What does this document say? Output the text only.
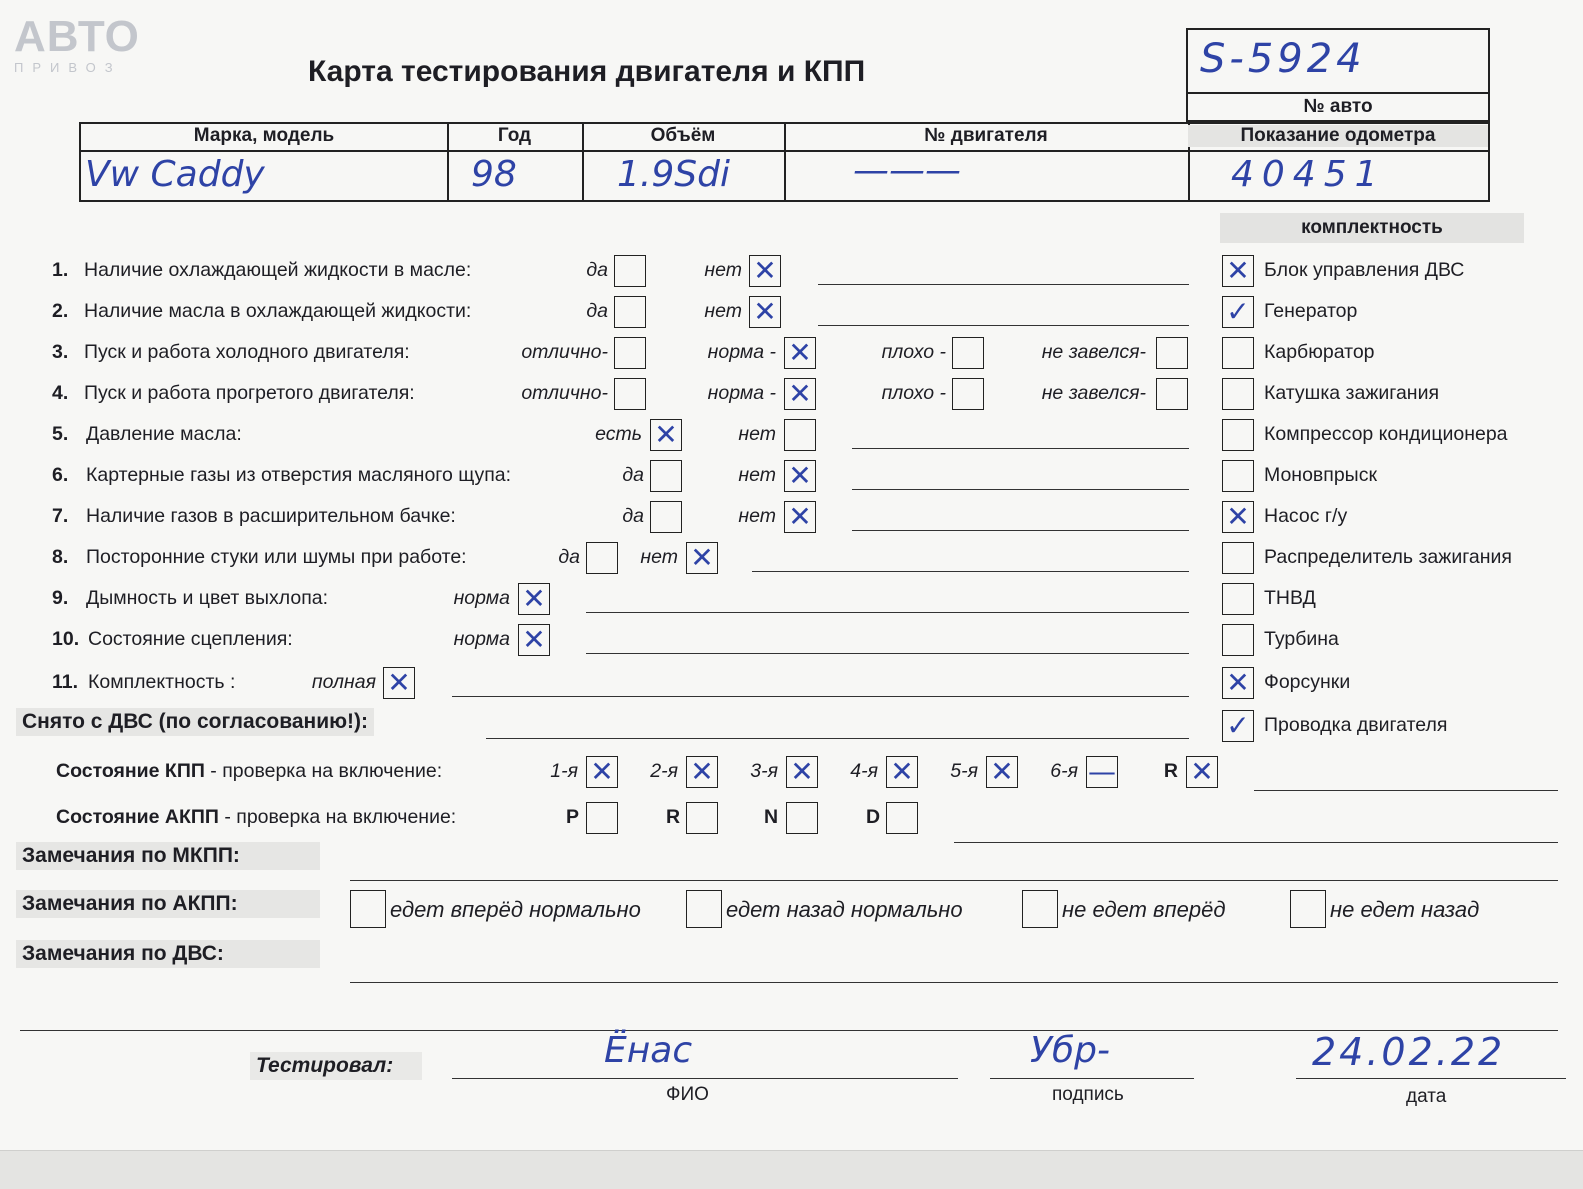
АВТО
ПРИВОЗ	Карта тестирования двигателя и КПП	S-5924
№ авто
Марка, модель	Год	Объём	№ двигателя	Показание одометра
Vw Caddy	98	1.9Sdi	———	40451
комплектность
✕ Блок управления ДВС
✓ Генератор
Карбюратор
Катушка зажигания
Компрессор кондиционера
Моновпрыск
✕ Насос г/у
Распределитель зажигания
ТНВД
Турбина
✕ Форсунки
✓ Проводка двигателя
1. Наличие охлаждающей жидкости в масле:	да	нет ✕
2. Наличие масла в охлаждающей жидкости:	да	нет ✕
3. Пуск и работа холодного двигателя:	отлично-	норма - ✕	плохо -	не завелся-
4. Пуск и работа прогретого двигателя:	отлично-	норма - ✕	плохо -	не завелся-
5. Давление масла:	есть ✕	нет
6. Картерные газы из отверстия масляного щупа:	да	нет ✕
7. Наличие газов в расширительном бачке:	да	нет ✕
8. Посторонние стуки или шумы при работе:	да	нет ✕
9. Дымность и цвет выхлопа:	норма ✕
10. Состояние сцепления:	норма ✕
11. Комплектность :	полная ✕
Снято с ДВС (по согласованию!):
Состояние КПП - проверка на включение:	1-я ✕	2-я ✕	3-я ✕	4-я ✕	5-я ✕	6-я —	R ✕
Состояние АКПП - проверка на включение:	P	R	N	D
Замечания по МКПП:
Замечания по АКПП:	едет вперёд нормально	едет назад нормально	не едет вперёд	не едет назад
Замечания по ДВС:
Тестировал:	Ёнас
ФИО
Убр-
подпись
24.02.22
дата
